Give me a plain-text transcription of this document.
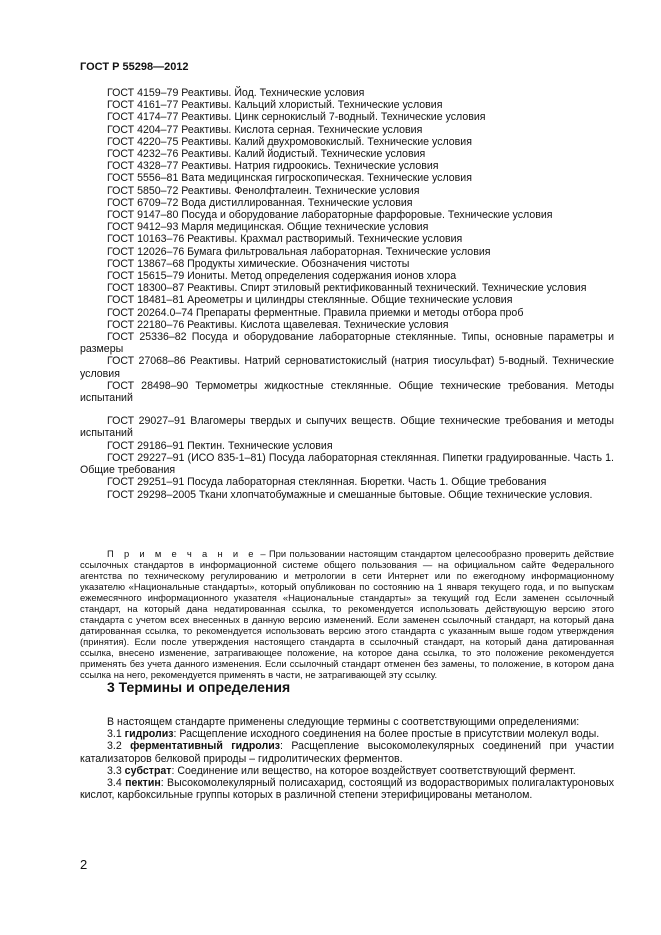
ГОСТ Р 55298—2012

ГОСТ 4159–79 Реактивы. Йод. Технические условия

ГОСТ 4161–77 Реактивы. Кальций хлористый. Технические условия

ГОСТ 4174–77 Реактивы. Цинк сернокислый 7-водный. Технические условия

ГОСТ 4204–77 Реактивы. Кислота серная. Технические условия

ГОСТ 4220–75 Реактивы. Калий двухромовокислый. Технические условия

ГОСТ 4232–76 Реактивы. Калий йодистый. Технические условия

ГОСТ 4328–77 Реактивы. Натрия гидроокись. Технические условия

ГОСТ 5556–81 Вата медицинская гигроскопическая. Технические условия

ГОСТ 5850–72 Реактивы. Фенолфталеин. Технические условия

ГОСТ 6709–72 Вода дистиллированная. Технические условия

ГОСТ 9147–80 Посуда и оборудование лабораторные фарфоровые. Технические условия

ГОСТ 9412–93 Марля медицинская. Общие технические условия

ГОСТ 10163–76 Реактивы. Крахмал растворимый. Технические условия

ГОСТ 12026–76 Бумага фильтровальная лабораторная. Технические условия

ГОСТ 13867–68 Продукты химические. Обозначения чистоты

ГОСТ 15615–79 Иониты. Метод определения содержания ионов хлора

ГОСТ 18300–87 Реактивы. Спирт этиловый ректификованный технический. Технические условия

ГОСТ 18481–81 Ареометры и цилиндры стеклянные. Общие технические условия

ГОСТ 20264.0–74 Препараты ферментные. Правила приемки и методы отбора проб

ГОСТ 22180–76 Реактивы. Кислота щавелевая. Технические условия

ГОСТ 25336–82 Посуда и оборудование лабораторные стеклянные. Типы, основные параметры и размеры

ГОСТ 27068–86 Реактивы. Натрий серноватистокислый (натрия тиосульфат) 5-водный. Технические условия

ГОСТ 28498–90 Термометры жидкостные стеклянные. Общие технические требования. Методы испытаний

ГОСТ 29027–91 Влагомеры твердых и сыпучих веществ. Общие технические требования и методы испытаний

ГОСТ 29186–91 Пектин. Технические условия

ГОСТ 29227–91 (ИСО 835-1–81) Посуда лабораторная стеклянная. Пипетки градуированные. Часть 1. Общие требования

ГОСТ 29251–91 Посуда лабораторная стеклянная. Бюретки. Часть 1. Общие требования

ГОСТ 29298–2005 Ткани хлопчатобумажные и смешанные бытовые. Общие технические условия.

П р и м е ч а н и е – При пользовании настоящим стандартом целесообразно проверить действие ссылочных стандартов в информационной системе общего пользования — на официальном сайте Федерального агентства по техническому регулированию и метрологии в сети Интернет или по ежегодному информационному указателю «Национальные стандарты», который опубликован по состоянию на 1 января текущего года, и по выпускам ежемесячного информационного указателя «Национальные стандарты» за текущий год Если заменен ссылочный стандарт, на который дана недатированная ссылка, то рекомендуется использовать действующую версию этого стандарта с учетом всех внесенных в данную версию изменений. Если заменен ссылочный стандарт, на который дана датированная ссылка, то рекомендуется использовать версию этого стандарта с указанным выше годом утверждения (принятия). Если после утверждения настоящего стандарта в ссылочный стандарт, на который дана датированная ссылка, внесено изменение, затрагивающее положение, на которое дана ссылка, то это положение рекомендуется применять без учета данного изменения. Если ссылочный стандарт отменен без замены, то положение, в котором дана ссылка на него, рекомендуется применять в части, не затрагивающей эту ссылку.

3 Термины и определения

В настоящем стандарте применены следующие термины с соответствующими определениями:

3.1 гидролиз: Расщепление исходного соединения на более простые в присутствии молекул воды.

3.2 ферментативный гидролиз: Расщепление высокомолекулярных соединений при участии катализаторов белковой природы – гидролитических ферментов.

3.3 субстрат: Соединение или вещество, на которое воздействует соответствующий фермент.

3.4 пектин: Высокомолекулярный полисахарид, состоящий из водорастворимых полигалактуроновых кислот, карбоксильные группы которых в различной степени этерифицированы метанолом.

2
